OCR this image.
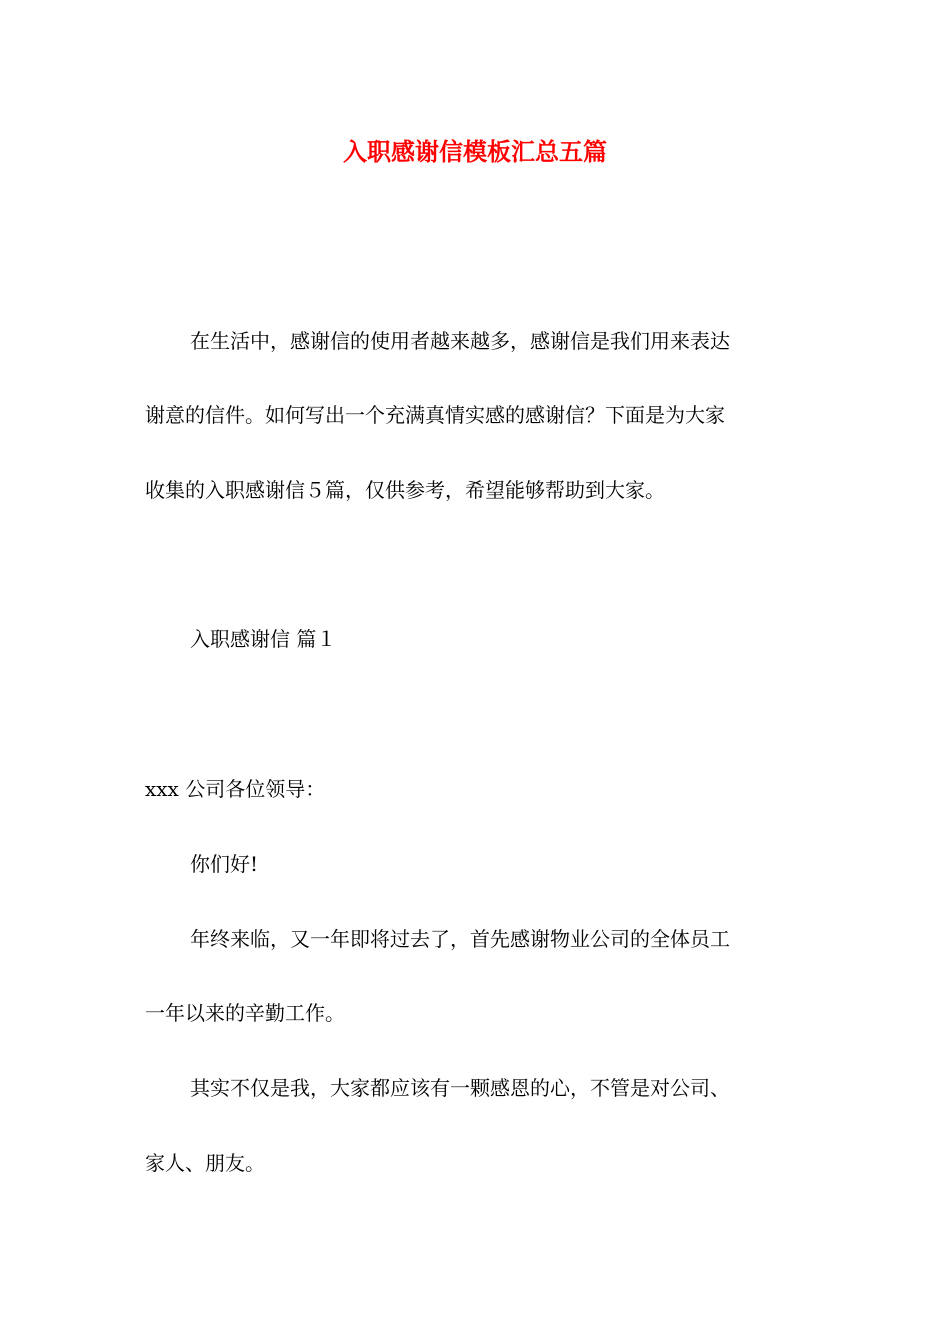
入职感谢信模板汇总五篇
在生活中，感谢信的使用者越来越多，感谢信是我们用来表达
谢意的信件。如何写出一个充满真情实感的感谢信？下面是为大家
收集的入职感谢信５篇，仅供参考，希望能够帮助到大家。
入职感谢信 篇１
xxx 公司各位领导：
你们好!
年终来临，又一年即将过去了，首先感谢物业公司的全体员工
一年以来的辛勤工作。
其实不仅是我，大家都应该有一颗感恩的心，不管是对公司、
家人、朋友。
